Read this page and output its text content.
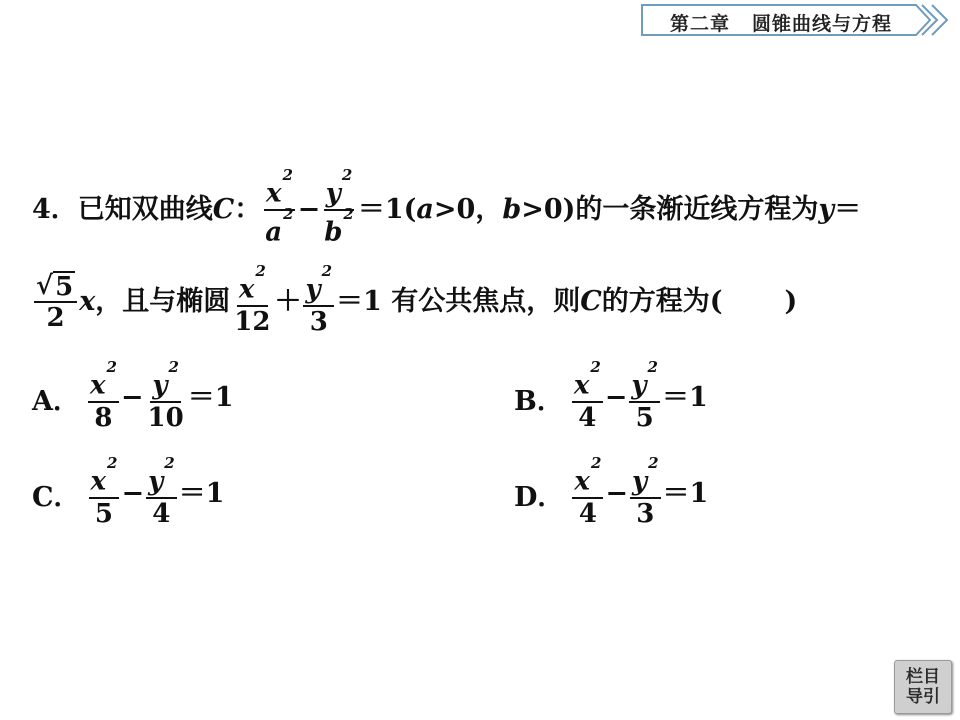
第二章 圆锥曲线与方程
4． 已知双曲线 C ： $\frac{x^2}{a^2} - \frac{y^2}{b^2} =1$( a >0， b >0)的一条渐近线方程为 y ＝
$\frac{√ 5}{2}$ x ，且与椭圆 $\frac{x^2}{12} + \frac{y^2}{3} =1$ 有公共焦点，则 C 的方程为( )
A． $\frac{x^2}{8} - \frac{y^2}{10} =1$	B． $\frac{x^2}{4} - \frac{y^2}{5} =1$
C． $\frac{x^2}{5} - \frac{y^2}{4} =1$	D． $\frac{x^2}{4} - \frac{y^2}{3} =1$
栏目
导引
